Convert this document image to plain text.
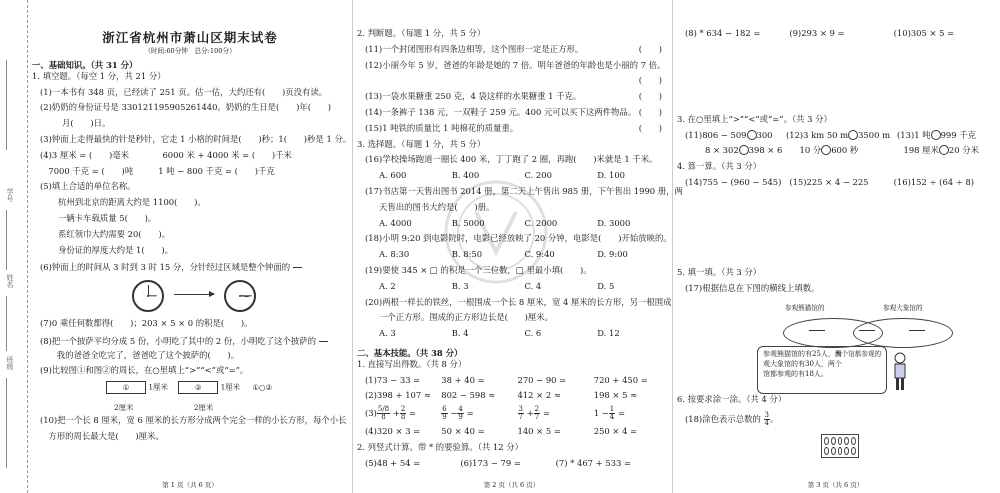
学号
姓名
班级
浙江省杭州市萧山区期末试卷
（时间:60分钟　总分:100分）
一、基础知识。（共 31 分）
1. 填空题。（每空 1 分，共 21 分）
(1)一本书有 348 页，已经读了 251 页。估一估，大约还有(　　)页没有读。
(2)奶奶的身份证号是 330121195905261440。奶奶的生日是(　　)年(　　)
月(　　)日。
(3)钟面上走得最快的针是秒针，它走 1 小格的时间是(　　)秒；1(　　)秒是 1 分。
(4)3 厘米 = (　　)毫米　　　　6000 米 + 4000 米 = (　　)千米
　7000 千克 = (　　)吨　　　1 吨 − 800 千克 = (　　)千克
(5)填上合适的单位名称。
杭州到北京的距离大约是 1100(　　)。
一辆卡车载质量 5(　　)。
系红领巾大约需要 20(　　)。
身份证的厚度大约是 1(　　)。
(6)钟面上的时间从 3 时到 3 时 15 分，分针经过区域是整个钟面的

(7)0 乘任何数都得(　　)；203 × 5 × 0 的积是(　　)。
(8)把一个披萨平均分成 5 份，小明吃了其中的 2 份，小明吃了这个披萨的

　　我的爸爸全吃完了，爸爸吃了这个披萨的(　　)。
(9)比较图①和图②的周长，在○里填上“>”“<”或“=”。
①	1厘米	②	1厘米 ①○②
2厘米	2厘米
(10)把一个长 8 厘米，宽 6 厘米的长方形分成两个完全一样的小长方形，每个小长
　方形的周长最大是(　　)厘米。
第 1 页（共 6 页）
2. 判断题。（每题 1 分，共 5 分）
(11)一个封闭图形有四条边相等，这个图形一定是正方形。	(　　)
(12)小丽今年 5 岁，爸爸的年龄是她的 7 倍。明年爸爸的年龄也是小丽的 7 倍。
(　　)
(13)一袋水果糖重 250 克，4 袋这样的水果糖重 1 千克。	(　　)
(14)一条裤子 138 元，一双鞋子 259 元。400 元可以买下这两件物品。 (　　)
(15)1 吨铁的质量比 1 吨棉花的质量重。	(　　)
3. 选择题。（每题 1 分，共 5 分）
(16)学校操场跑道一圈长 400 米，丁丁跑了 2 圈，再跑(　　)米就是 1 千米。
A. 600	B. 400	C. 200	D. 100
(17)书店第一天售出图书 2014 册，第二天上午售出 985 册，下午售出 1990 册，两
天售出的图书大约是(　　)册。
A. 4000	B. 5000	C. 2000	D. 3000
(18)小明 9:20 到电影院时，电影已经放映了 20 分钟，电影是(　　)开始放映的。
A. 8:30	B. 8:50	C. 9:40	D. 9:00
(19)要使 345 × □ 的积是一个三位数，□ 里最小填(　　)。
A. 2	B. 3	C. 4	D. 5
(20)两根一样长的铁丝，一根围成一个长 8 厘米，宽 4 厘米的长方形，另一根围成
一个正方形。围成的正方形边长是(　　)厘米。
A. 3	B. 4	C. 6	D. 12
二、基本技能。（共 38 分）
1. 直接写出得数。（共 8 分）
(1)73 − 33 =	38 + 40 =	270 − 90 =	720 + 450 =
(2)398 + 107 ≈	802 − 598 ≈	412 × 2 ≈	198 × 5 ≈
$(3) \frac{5/8}{8} + \frac{2}{8}$ =	$\frac{6}{9} - \frac{4}{9}$ =	$\frac{3}{7} + \frac{2}{7}$ =	$1 - \frac{1}{4}$ =
(4)320 × 3 =	50 × 40 =	140 × 5 =	250 × 4 =
2. 列竖式计算。带 * 的要验算。（共 12 分）
(5)48 + 54 =	(6)173 − 79 =	(7) * 467 + 533 =
第 2 页（共 6 页）
(8) * 634 − 182 =	(9)293 × 9 =	(10)305 × 5 =
3. 在○里填上“>”“<”或“=”。（共 3 分）
(11)806 − 509 300	(12)3 km 50 m 3500 m (13)1 吨 999 千克
8 × 302 398 × 6	10 分 600 秒	198 厘米 20 分米
4. 算一算。（共 3 分）
(14)755 − (960 − 545) (15)225 × 4 − 225	(16)152 ÷ (64 ÷ 8)
5. 填一填。（共 3 分）
(17)根据信息在下图的横线上填数。
参观熊猫馆的	参观大象馆的
两个馆都参观的
参观熊猫馆的有25人，参
观大象馆的有30人，两个
馆都参观的有18人。
6. 按要求涂一涂。（共 4 分）
(18)涂色表示总数的 $\frac{3}{4}$ 。
第 3 页（共 6 页）
